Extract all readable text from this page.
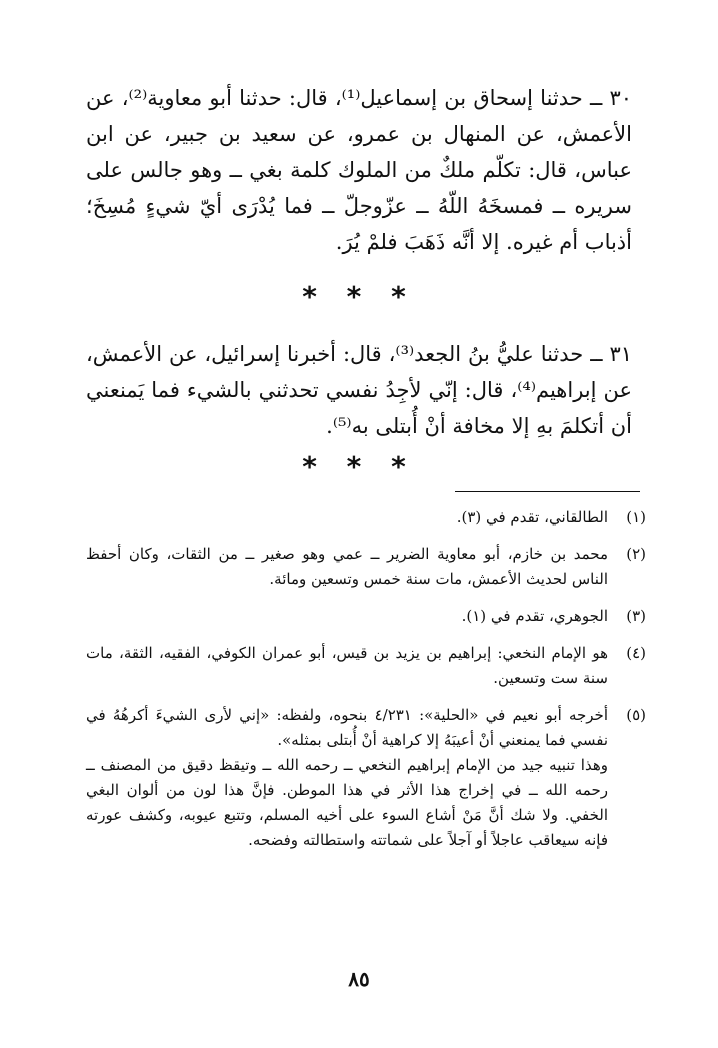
٣٠ ــ حدثنا إسحاق بن إسماعيل⁽¹⁾، قال: حدثنا أبو معاوية⁽²⁾، عن الأعمش، عن المنهال بن عمرو، عن سعيد بن جبير، عن ابن عباس، قال: تكلّم ملكٌ من الملوك كلمة بغي ــ وهو جالس على سريره ــ فمسخَهُ اللّهُ ــ عزّوجلّ ــ فما يُدْرَى أيّ شيءٍ مُسِخَ؛ أذباب أم غيره. إلا أنَّه ذَهَبَ فلمْ يُرَ.

* * *

٣١ ــ حدثنا عليُّ بنُ الجعد⁽³⁾، قال: أخبرنا إسرائيل، عن الأعمش، عن إبراهيم⁽⁴⁾، قال: إنّي لأجِدُ نفسي تحدثني بالشيء فما يَمنعني أن أتكلمَ بهِ إلا مخافة أنْ أُبتلى به⁽⁵⁾.

* * *
(١)

الطالقاني، تقدم في (٣).

(٢)

محمد بن خازم، أبو معاوية الضرير ــ عمي وهو صغير ــ من الثقات، وكان أحفظ الناس لحديث الأعمش، مات سنة خمس وتسعين ومائة.

(٣)

الجوهري، تقدم في (١).

(٤)

هو الإمام النخعي: إبراهيم بن يزيد بن قيس، أبو عمران الكوفي، الفقيه، الثقة، مات سنة ست وتسعين.

(٥)

أخرجه أبو نعيم في «الحلية»: ٤/٢٣١ بنحوه، ولفظه: «إني لأرى الشيءَ أكرهُهُ في نفسي فما يمنعني أنْ أعيبَهُ إلا كراهية أنْ أُبتلى بمثله».

وهذا تنبيه جيد من الإمام إبراهيم النخعي ــ رحمه الله ــ وتيقظ دقيق من المصنف ــ رحمه الله ــ في إخراج هذا الأثر في هذا الموطن. فإنَّ هذا لون من ألوان البغي الخفي. ولا شك أنَّ مَنْ أشاع السوء على أخيه المسلم، وتتبع عيوبه، وكشف عورته فإنه سيعاقب عاجلاً أو آجلاً على شماتته واستطالته وفضحه.

٨٥
